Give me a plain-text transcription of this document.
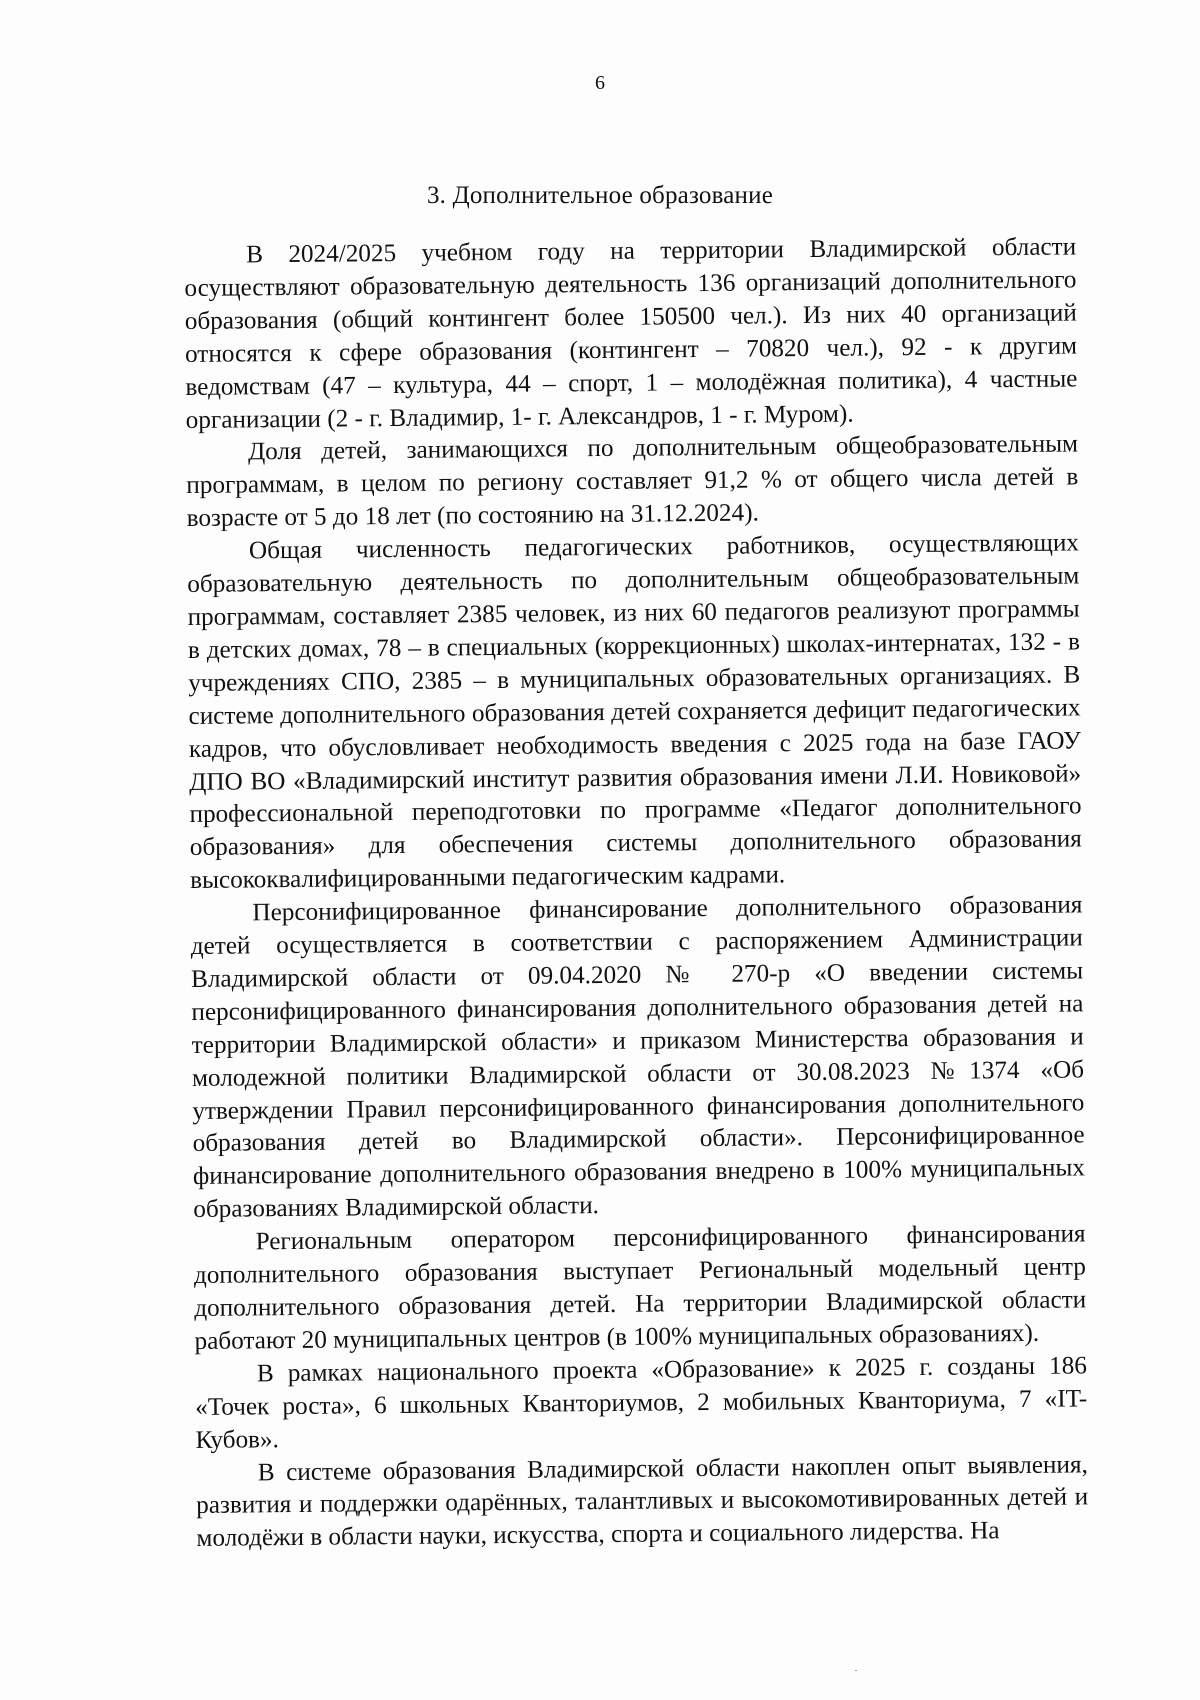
6
3. Дополнительное образование

В 2024/2025 учебном году на территории Владимирской области осуществляют образовательную деятельность 136 организаций дополнительного образования (общий контингент более 150500 чел.). Из них 40 организаций относятся к сфере образования (контингент – 70820 чел.), 92 - к другим ведомствам (47 – культура, 44 – спорт, 1 – молодёжная политика), 4 частные организации (2 - г. Владимир, 1- г. Александров, 1 - г. Муром).

Доля детей, занимающихся по дополнительным общеобразовательным программам, в целом по региону составляет 91,2 % от общего числа детей в возрасте от 5 до 18 лет (по состоянию на 31.12.2024).

Общая численность педагогических работников, осуществляющих образовательную деятельность по дополнительным общеобразовательным программам, составляет 2385 человек, из них 60 педагогов реализуют программы в детских домах, 78 – в специальных (коррекционных) школах-интернатах, 132 - в учреждениях СПО, 2385 – в муниципальных образовательных организациях. В системе дополнительного образования детей сохраняется дефицит педагогических кадров, что обусловливает необходимость введения с 2025 года на базе ГАОУ ДПО ВО «Владимирский институт развития образования имени Л.И. Новиковой» профессиональной переподготовки по программе «Педагог дополнительного образования» для обеспечения системы дополнительного образования высококвалифицированными педагогическим кадрами.

Персонифицированное финансирование дополнительного образования детей осуществляется в соответствии с распоряжением Администрации Владимирской области от 09.04.2020 № 270-р «О введении системы персонифицированного финансирования дополнительного образования детей на территории Владимирской области» и приказом Министерства образования и молодежной политики Владимирской области от 30.08.2023 №1374 «Об утверждении Правил персонифицированного финансирования дополнительного образования детей во Владимирской области». Персонифицированное финансирование дополнительного образования внедрено в 100% муниципальных образованиях Владимирской области.

Региональным оператором персонифицированного финансирования дополнительного образования выступает Региональный модельный центр дополнительного образования детей. На территории Владимирской области работают 20 муниципальных центров (в 100% муниципальных образованиях).

В рамках национального проекта «Образование» к 2025 г. созданы 186 «Точек роста», 6 школьных Кванториумов, 2 мобильных Кванториума, 7 «IT-Кубов».

В системе образования Владимирской области накоплен опыт выявления, развития и поддержки одарённых, талантливых и высокомотивированных детей и молодёжи в области науки, искусства, спорта и социального лидерства. На
